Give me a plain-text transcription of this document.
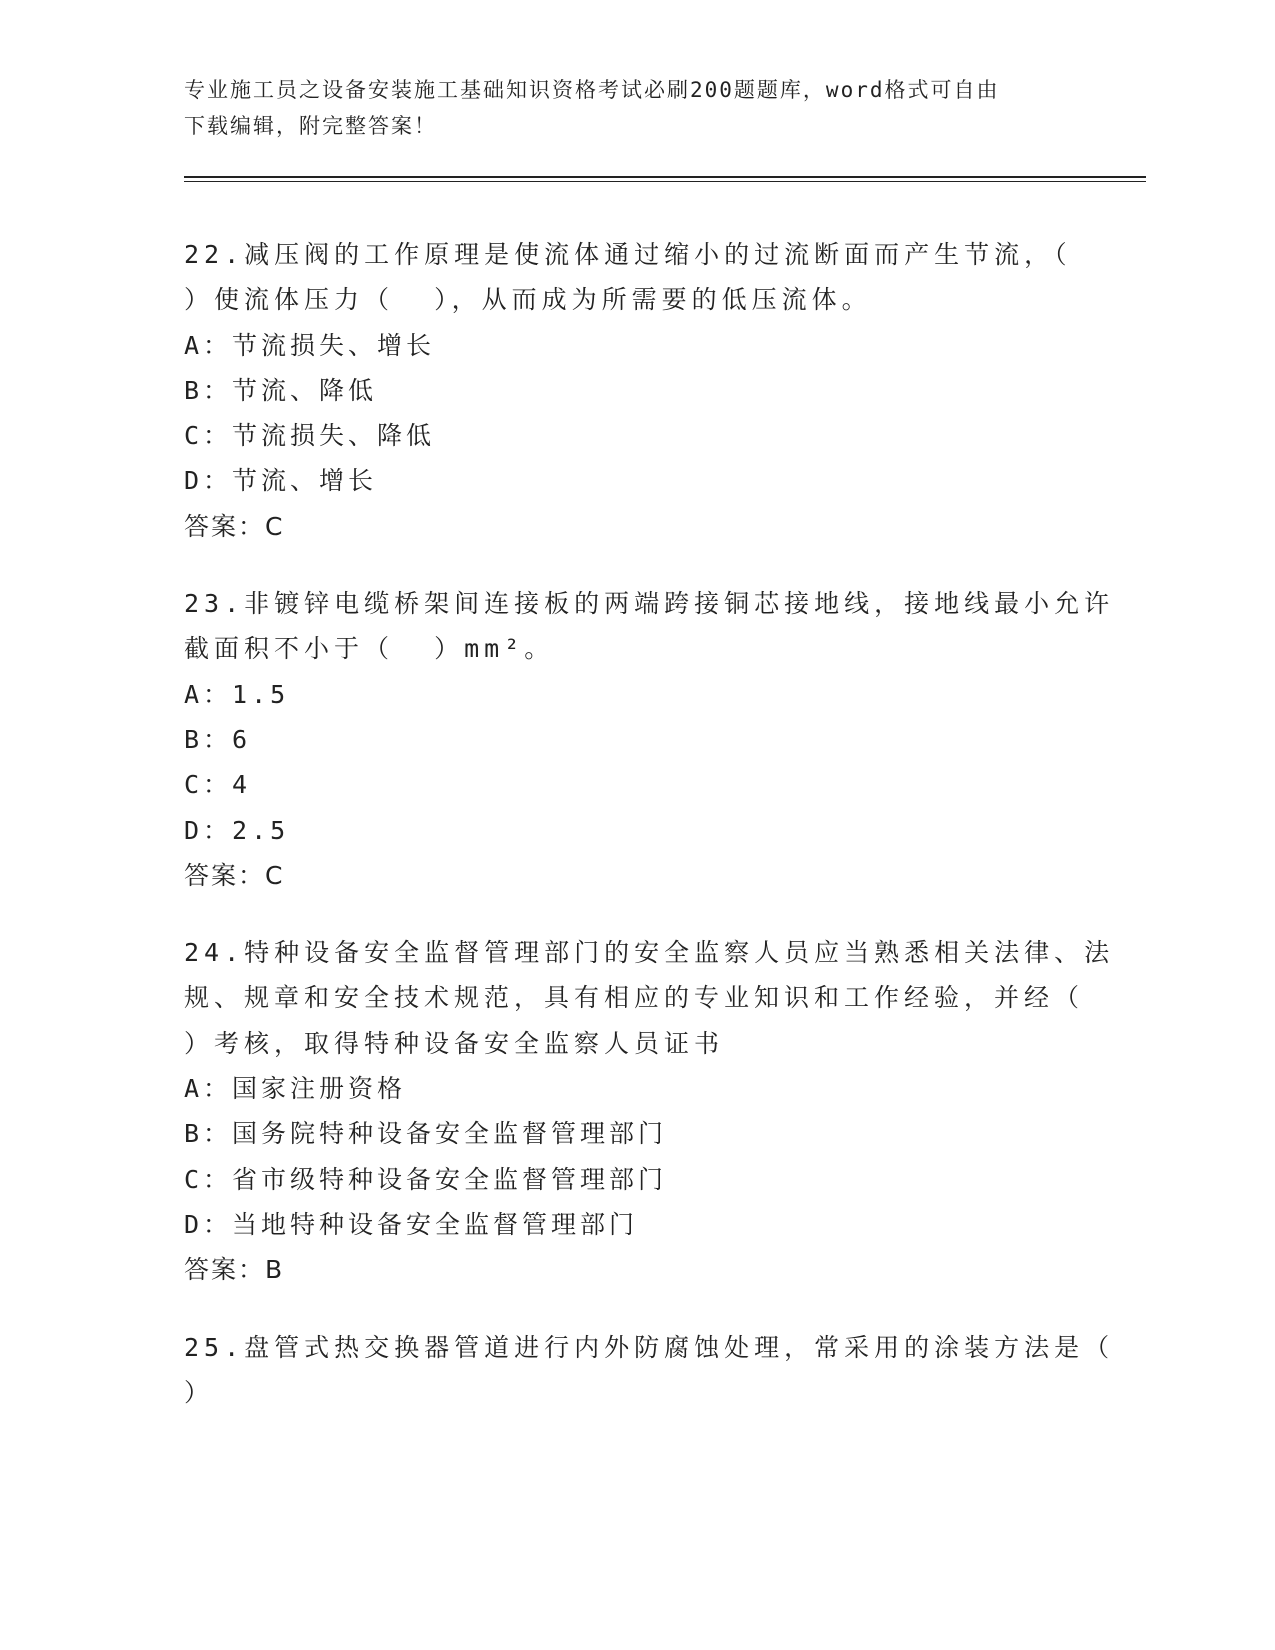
专业施工员之设备安装施工基础知识资格考试必刷200题题库，word格式可自由
下载编辑，附完整答案！
22.减压阀的工作原理是使流体通过缩小的过流断面而产生节流，（
）使流体压力（  ），从而成为所需要的低压流体。
A：节流损失、增长
B：节流、降低
C：节流损失、降低
D：节流、增长
答案：C
23.非镀锌电缆桥架间连接板的两端跨接铜芯接地线，接地线最小允许
截面积不小于（  ）mm²。
A：1.5
B：6
C：4
D：2.5
答案：C
24.特种设备安全监督管理部门的安全监察人员应当熟悉相关法律、法
规、规章和安全技术规范，具有相应的专业知识和工作经验，并经（
）考核，取得特种设备安全监察人员证书
A：国家注册资格
B：国务院特种设备安全监督管理部门
C：省市级特种设备安全监督管理部门
D：当地特种设备安全监督管理部门
答案：B
25.盘管式热交换器管道进行内外防腐蚀处理，常采用的涂装方法是（
）
